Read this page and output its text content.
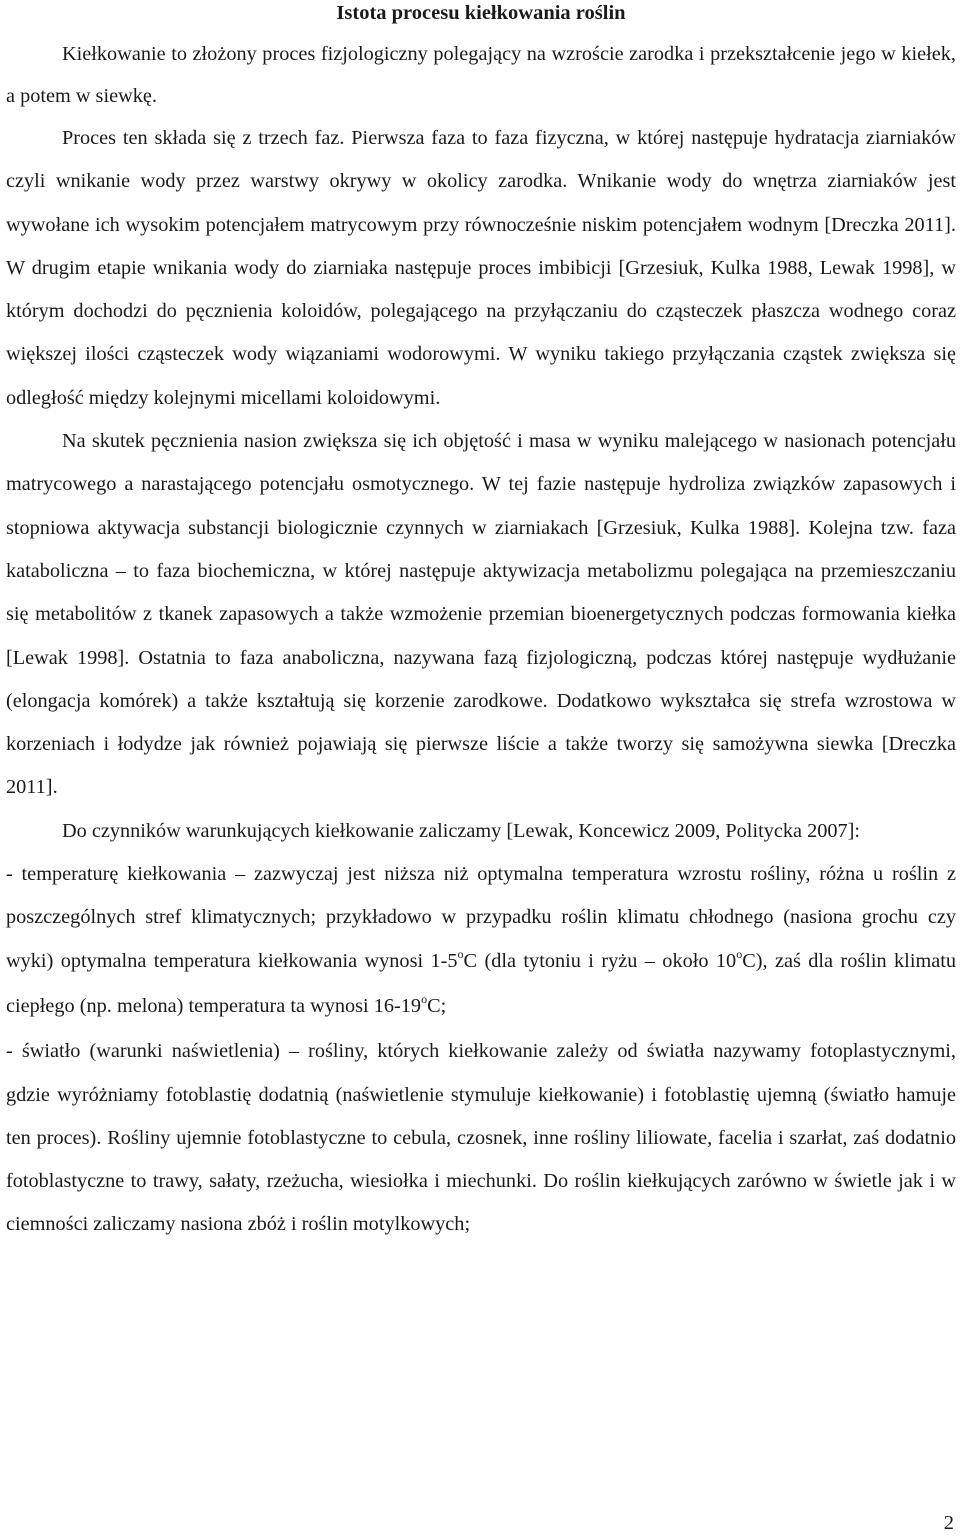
Istota procesu kiełkowania roślin

Kiełkowanie to złożony proces fizjologiczny polegający na wzroście zarodka i przekształcenie jego w kiełek, a potem w siewkę.

Proces ten składa się z trzech faz. Pierwsza faza to faza fizyczna, w której następuje hydratacja ziarniaków czyli wnikanie wody przez warstwy okrywy w okolicy zarodka. Wnikanie wody do wnętrza ziarniaków jest wywołane ich wysokim potencjałem matrycowym przy równocześnie niskim potencjałem wodnym [Dreczka 2011]. W drugim etapie wnikania wody do ziarniaka następuje proces imbibicji [Grzesiuk, Kulka 1988, Lewak 1998], w którym dochodzi do pęcznienia koloidów, polegającego na przyłączaniu do cząsteczek płaszcza wodnego coraz większej ilości cząsteczek wody wiązaniami wodorowymi. W wyniku takiego przyłączania cząstek zwiększa się odległość między kolejnymi micellami koloidowymi.

Na skutek pęcznienia nasion zwiększa się ich objętość i masa w wyniku malejącego w nasionach potencjału matrycowego a narastającego potencjału osmotycznego. W tej fazie następuje hydroliza związków zapasowych i stopniowa aktywacja substancji biologicznie czynnych w ziarniakach [Grzesiuk, Kulka 1988]. Kolejna tzw. faza kataboliczna – to faza biochemiczna, w której następuje aktywizacja metabolizmu polegająca na przemieszczaniu się metabolitów z tkanek zapasowych a także wzmożenie przemian bioenergetycznych podczas formowania kiełka [Lewak 1998]. Ostatnia to faza anaboliczna, nazywana fazą fizjologiczną, podczas której następuje wydłużanie (elongacja komórek) a także kształtują się korzenie zarodkowe. Dodatkowo wykształca się strefa wzrostowa w korzeniach i łodydze jak również pojawiają się pierwsze liście a także tworzy się samożywna siewka [Dreczka 2011].

Do czynników warunkujących kiełkowanie zaliczamy [Lewak, Koncewicz 2009, Politycka 2007]:

- temperaturę kiełkowania – zazwyczaj jest niższa niż optymalna temperatura wzrostu rośliny, różna u roślin z poszczególnych stref klimatycznych; przykładowo w przypadku roślin klimatu chłodnego (nasiona grochu czy wyki) optymalna temperatura kiełkowania wynosi 1-5$^o$C (dla tytoniu i ryżu – około 10$^o$C), zaś dla roślin klimatu ciepłego (np. melona) temperatura ta wynosi 16-19$^o$C;

- światło (warunki naświetlenia) – rośliny, których kiełkowanie zależy od światła nazywamy fotoplastycznymi, gdzie wyróżniamy fotoblastię dodatnią (naświetlenie stymuluje kiełkowanie) i fotoblastię ujemną (światło hamuje ten proces). Rośliny ujemnie fotoblastyczne to cebula, czosnek, inne rośliny liliowate, facelia i szarłat, zaś dodatnio fotoblastyczne to trawy, sałaty, rzeżucha, wiesiołka i miechunki. Do roślin kiełkujących zarówno w świetle jak i w ciemności zaliczamy nasiona zbóż i roślin motylkowych;

2
